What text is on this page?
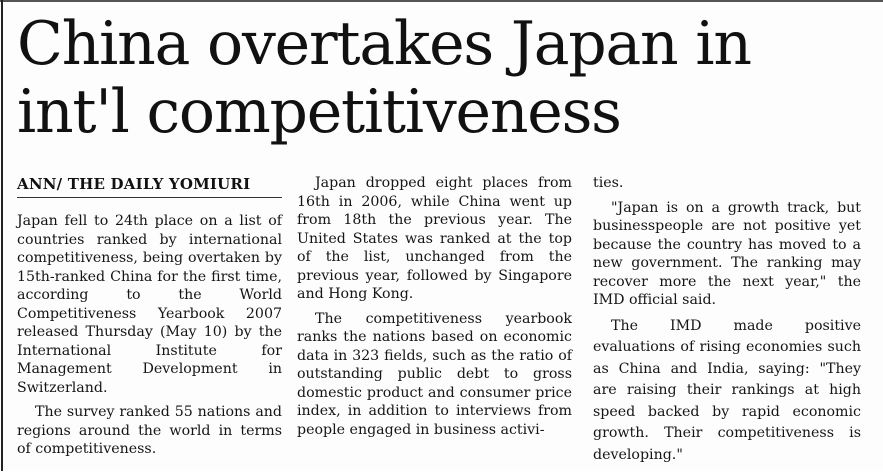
China overtakes Japan in int'l competitiveness
ANN/ THE DAILY YOMIURI

Japan fell to 24th place on a list of countries ranked by international competitiveness, being overtaken by 15th-ranked China for the first time, according to the World Competitiveness Yearbook 2007 released Thursday (May 10) by the International Institute for Management Development in Switzerland.

The survey ranked 55 nations and regions around the world in terms of competitiveness.

Japan dropped eight places from 16th in 2006, while China went up from 18th the previous year. The United States was ranked at the top of the list, unchanged from the previous year, followed by Singapore and Hong Kong.

The competitiveness yearbook ranks the nations based on economic data in 323 fields, such as the ratio of outstanding public debt to gross domestic product and consumer price index, in addition to interviews from people engaged in business activi-

ties.

"Japan is on a growth track, but businesspeople are not positive yet because the country has moved to a new government. The ranking may recover more the next year," the IMD official said.

The IMD made positive evaluations of rising economies such as China and India, saying: "They are raising their rankings at high speed backed by rapid economic growth. Their competitiveness is developing."
